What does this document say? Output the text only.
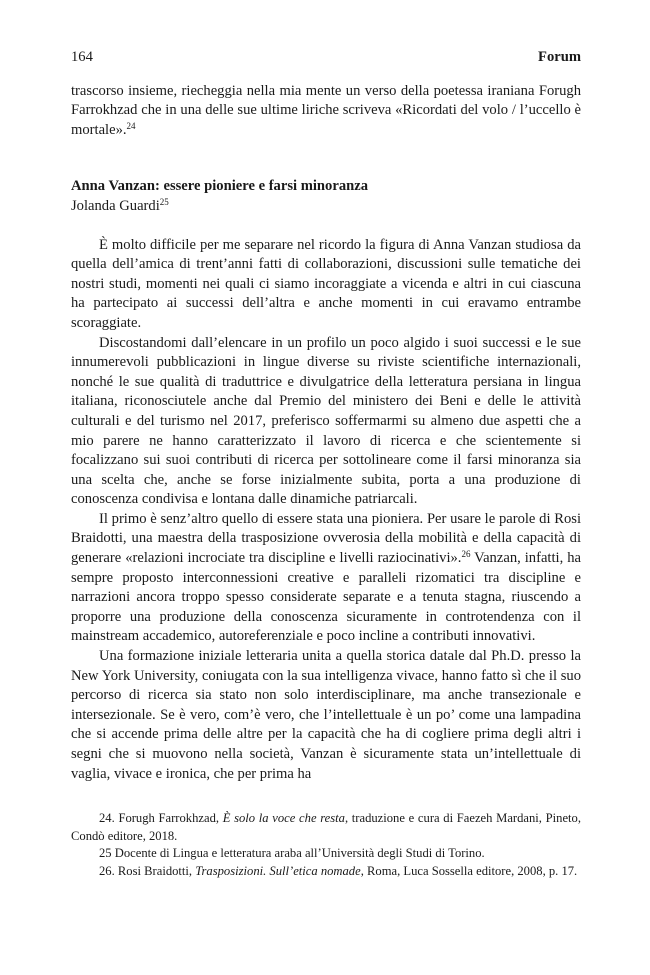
164	Forum

trascorso insieme, riecheggia nella mia mente un verso della poetessa iraniana Forugh Farrokhzad che in una delle sue ultime liriche scriveva «Ricordati del volo / l’uccello è mortale».$^{24}$

Anna Vanzan: essere pioniere e farsi minoranza

Jolanda Guardi$^{25}$

È molto difficile per me separare nel ricordo la figura di Anna Vanzan studiosa da quella dell’amica di trent’anni fatti di collaborazioni, discussioni sulle tematiche dei nostri studi, momenti nei quali ci siamo incoraggiate a vicenda e altri in cui ciascuna ha partecipato ai successi dell’altra e anche momenti in cui eravamo entrambe scoraggiate.

Discostandomi dall’elencare in un profilo un poco algido i suoi successi e le sue innumerevoli pubblicazioni in lingue diverse su riviste scientifiche internazionali, nonché le sue qualità di traduttrice e divulgatrice della letteratura persiana in lingua italiana, riconosciutele anche dal Premio del ministero dei Beni e delle le attività culturali e del turismo nel 2017, preferisco soffermarmi su almeno due aspetti che a mio parere ne hanno caratterizzato il lavoro di ricerca e che scientemente si focalizzano sui suoi contributi di ricerca per sottolineare come il farsi minoranza sia una scelta che, anche se forse inizialmente subita, porta a una produzione di conoscenza condivisa e lontana dalle dinamiche patriarcali.

Il primo è senz’altro quello di essere stata una pioniera. Per usare le parole di Rosi Braidotti, una maestra della trasposizione ovverosia della mobilità e della capacità di generare «relazioni incrociate tra discipline e livelli raziocinativi».$^{26}$ Vanzan, infatti, ha sempre proposto interconnessioni creative e paralleli rizomatici tra discipline e narrazioni ancora troppo spesso considerate separate e a tenuta stagna, riuscendo a proporre una produzione della conoscenza sicuramente in controtendenza con il mainstream accademico, autoreferenziale e poco incline a contributi innovativi.

Una formazione iniziale letteraria unita a quella storica datale dal Ph.D. presso la New York University, coniugata con la sua intelligenza vivace, hanno fatto sì che il suo percorso di ricerca sia stato non solo interdisciplinare, ma anche transezionale e intersezionale. Se è vero, com’è vero, che l’intellettuale è un po’ come una lampadina che si accende prima delle altre per la capacità che ha di cogliere prima degli altri i segni che si muovono nella società, Vanzan è sicuramente stata un’intellettuale di vaglia, vivace e ironica, che per prima ha

24. Forugh Farrokhzad, È solo la voce che resta, traduzione e cura di Faezeh Mardani, Pineto, Condò editore, 2018.

25 Docente di Lingua e letteratura araba all’Università degli Studi di Torino.

26. Rosi Braidotti, Trasposizioni. Sull’etica nomade, Roma, Luca Sossella editore, 2008, p. 17.
